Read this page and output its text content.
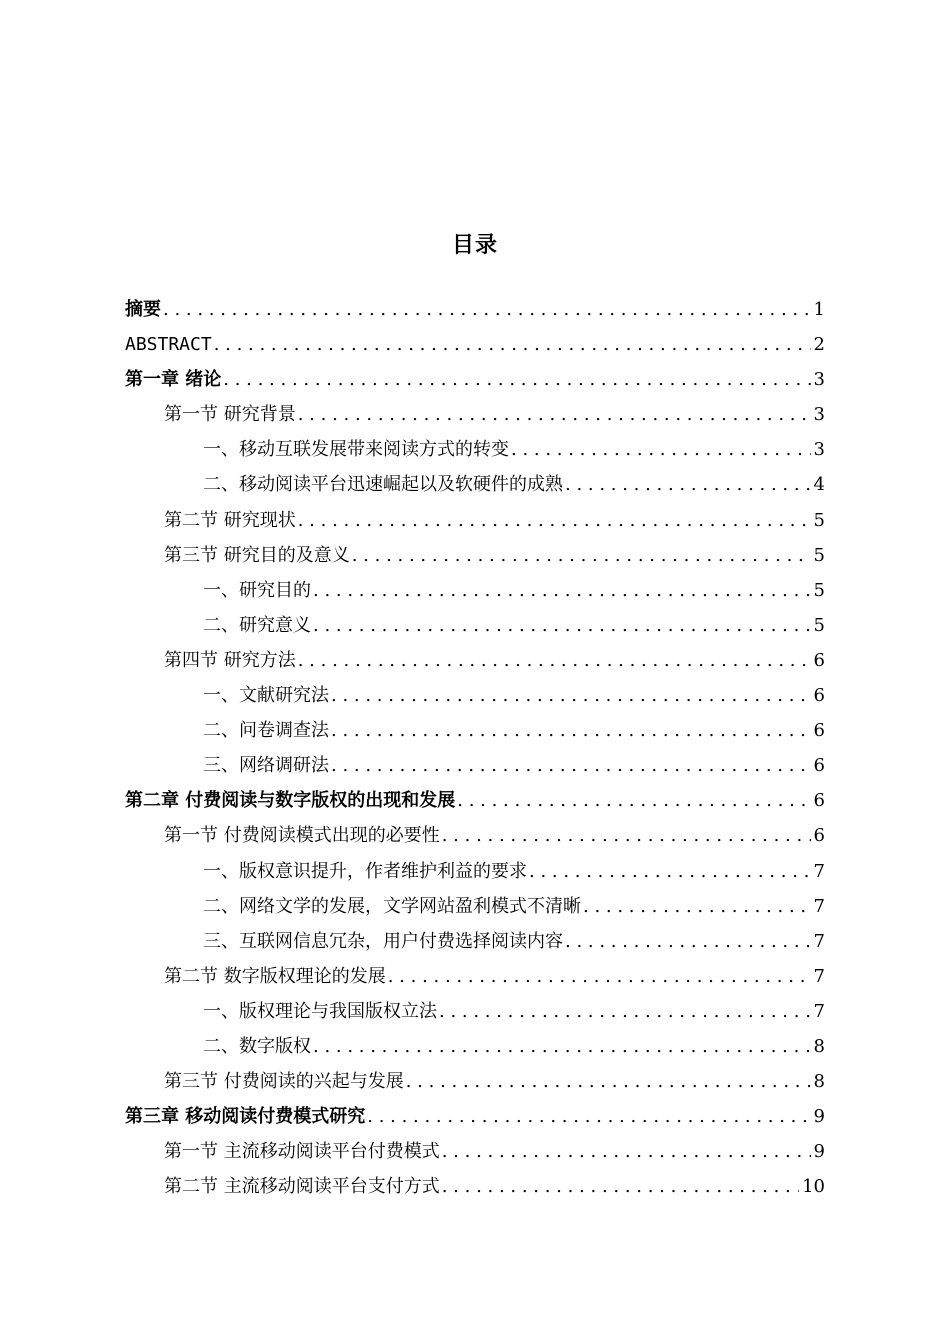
目录
摘要 . . .	1
ABSTRACT . . .	2
第一章 绪论 . . .	3
第一节 研究背景 . . .	3
一、移动互联发展带来阅读方式的转变 . . .	3
二、移动阅读平台迅速崛起以及软硬件的成熟 . . .	4
第二节 研究现状 . . .	5
第三节 研究目的及意义 . . .	5
一、研究目的 . . .	5
二、研究意义 . . .	5
第四节 研究方法 . . .	6
一、文献研究法 . . .	6
二、问卷调查法 . . .	6
三、网络调研法 . . .	6
第二章 付费阅读与数字版权的出现和发展 . . .	6
第一节 付费阅读模式出现的必要性 . . .	6
一、版权意识提升，作者维护利益的要求 . . .	7
二、网络文学的发展，文学网站盈利模式不清晰 . . .	7
三、互联网信息冗杂，用户付费选择阅读内容 . . .	7
第二节 数字版权理论的发展 . . .	7
一、版权理论与我国版权立法 . . .	7
二、数字版权 . . .	8
第三节 付费阅读的兴起与发展 . . .	8
第三章 移动阅读付费模式研究 . . .	9
第一节 主流移动阅读平台付费模式 . . .	9
第二节 主流移动阅读平台支付方式 . . .	10
